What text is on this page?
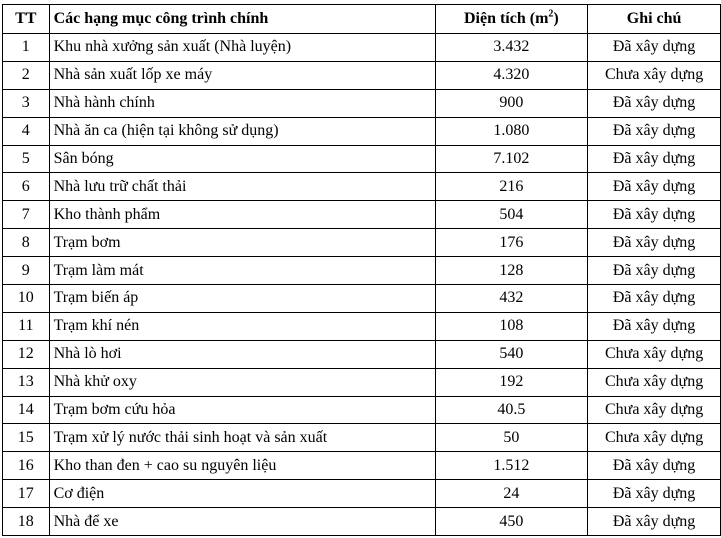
TT	Các hạng mục công trình chính	Diện tích $(m^2)$	Ghi chú
1	Khu nhà xưởng sản xuất (Nhà luyện)	3.432	Đã xây dựng
2	Nhà sản xuất lốp xe máy	4.320	Chưa xây dựng
3	Nhà hành chính	900	Đã xây dựng
4	Nhà ăn ca (hiện tại không sử dụng)	1.080	Đã xây dựng
5	Sân bóng	7.102	Đã xây dựng
6	Nhà lưu trữ chất thải	216	Đã xây dựng
7	Kho thành phẩm	504	Đã xây dựng
8	Trạm bơm	176	Đã xây dựng
9	Trạm làm mát	128	Đã xây dựng
10	Trạm biến áp	432	Đã xây dựng
11	Trạm khí nén	108	Đã xây dựng
12	Nhà lò hơi	540	Chưa xây dựng
13	Nhà khử oxy	192	Chưa xây dựng
14	Trạm bơm cứu hỏa	40.5	Chưa xây dựng
15	Trạm xử lý nước thải sinh hoạt và sản xuất	50	Chưa xây dựng
16	Kho than đen + cao su nguyên liệu	1.512	Đã xây dựng
17	Cơ điện	24	Đã xây dựng
18	Nhà để xe	450	Đã xây dựng
